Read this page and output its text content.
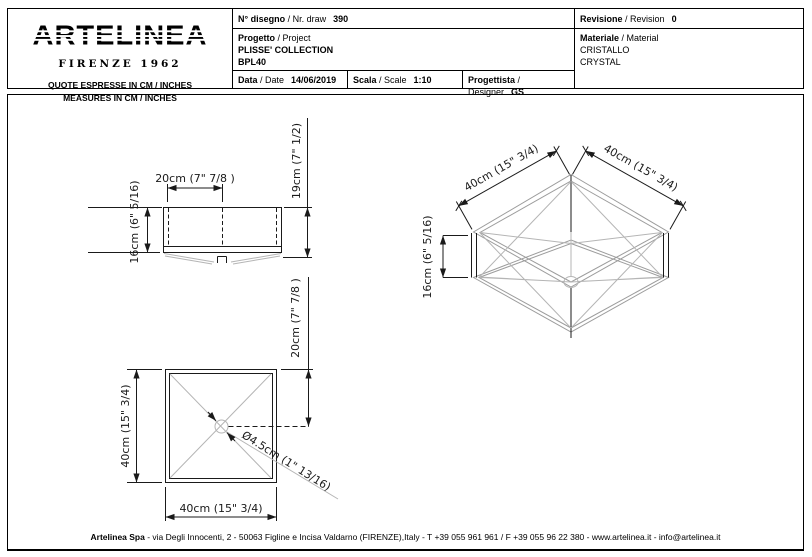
FIRENZE 1962
QUOTE ESPRESSE IN CM / INCHES
MEASURES IN CM / INCHES
N° disegno / Nr. draw 390	Revisione / Revision 0
Progetto / Project
PLISSE' COLLECTION
BPL40
Materiale / Material
CRISTALLO
CRYSTAL
Data / Date 14/06/2019	Scala / Scale 1:10	Progettista / Designer GS
20cm (7" 7/8 )
16cm (6" 5/16)
19cm (7" 1/2)
40cm (15" 3/4)
40cm (15" 3/4)
20cm (7" 7/8 )
Ø4.5cm (1" 13/16)
16cm (6" 5/16)
40cm (15" 3/4)	40cm (15" 3/4)
Artelinea Spa - via Degli Innocenti, 2 - 50063 Figline e Incisa Valdarno (FIRENZE),Italy - T +39 055 961 961 / F +39 055 96 22 380 - www.artelinea.it - info@artelinea.it
